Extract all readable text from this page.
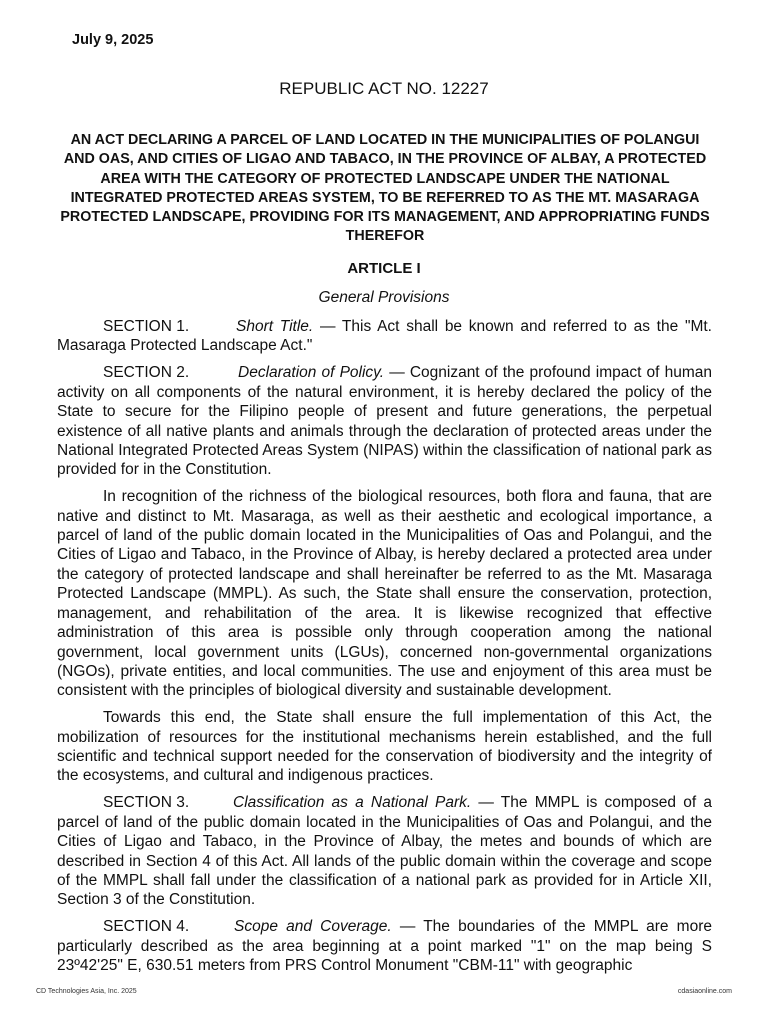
July 9, 2025
REPUBLIC ACT NO. 12227
AN ACT DECLARING A PARCEL OF LAND LOCATED IN THE MUNICIPALITIES OF POLANGUI AND OAS, AND CITIES OF LIGAO AND TABACO, IN THE PROVINCE OF ALBAY, A PROTECTED AREA WITH THE CATEGORY OF PROTECTED LANDSCAPE UNDER THE NATIONAL INTEGRATED PROTECTED AREAS SYSTEM, TO BE REFERRED TO AS THE MT. MASARAGA PROTECTED LANDSCAPE, PROVIDING FOR ITS MANAGEMENT, AND APPROPRIATING FUNDS THEREFOR
ARTICLE I
General Provisions

SECTION 1.	Short Title. — This Act shall be known and referred to as the "Mt. Masaraga Protected Landscape Act."

SECTION 2.	Declaration of Policy. — Cognizant of the profound impact of human activity on all components of the natural environment, it is hereby declared the policy of the State to secure for the Filipino people of present and future generations, the perpetual existence of all native plants and animals through the declaration of protected areas under the National Integrated Protected Areas System (NIPAS) within the classification of national park as provided for in the Constitution.

In recognition of the richness of the biological resources, both flora and fauna, that are native and distinct to Mt. Masaraga, as well as their aesthetic and ecological importance, a parcel of land of the public domain located in the Municipalities of Oas and Polangui, and the Cities of Ligao and Tabaco, in the Province of Albay, is hereby declared a protected area under the category of protected landscape and shall hereinafter be referred to as the Mt. Masaraga Protected Landscape (MMPL). As such, the State shall ensure the conservation, protection, management, and rehabilitation of the area. It is likewise recognized that effective administration of this area is possible only through cooperation among the national government, local government units (LGUs), concerned non-governmental organizations (NGOs), private entities, and local communities. The use and enjoyment of this area must be consistent with the principles of biological diversity and sustainable development.

Towards this end, the State shall ensure the full implementation of this Act, the mobilization of resources for the institutional mechanisms herein established, and the full scientific and technical support needed for the conservation of biodiversity and the integrity of the ecosystems, and cultural and indigenous practices.

SECTION 3.	Classification as a National Park. — The MMPL is composed of a parcel of land of the public domain located in the Municipalities of Oas and Polangui, and the Cities of Ligao and Tabaco, in the Province of Albay, the metes and bounds of which are described in Section 4 of this Act. All lands of the public domain within the coverage and scope of the MMPL shall fall under the classification of a national park as provided for in Article XII, Section 3 of the Constitution.

SECTION 4.	Scope and Coverage. — The boundaries of the MMPL are more particularly described as the area beginning at a point marked "1" on the map being S 23º42'25" E, 630.51 meters from PRS Control Monument "CBM-11" with geographic

CD Technologies Asia, Inc. 2025	cdasiaonline.com
